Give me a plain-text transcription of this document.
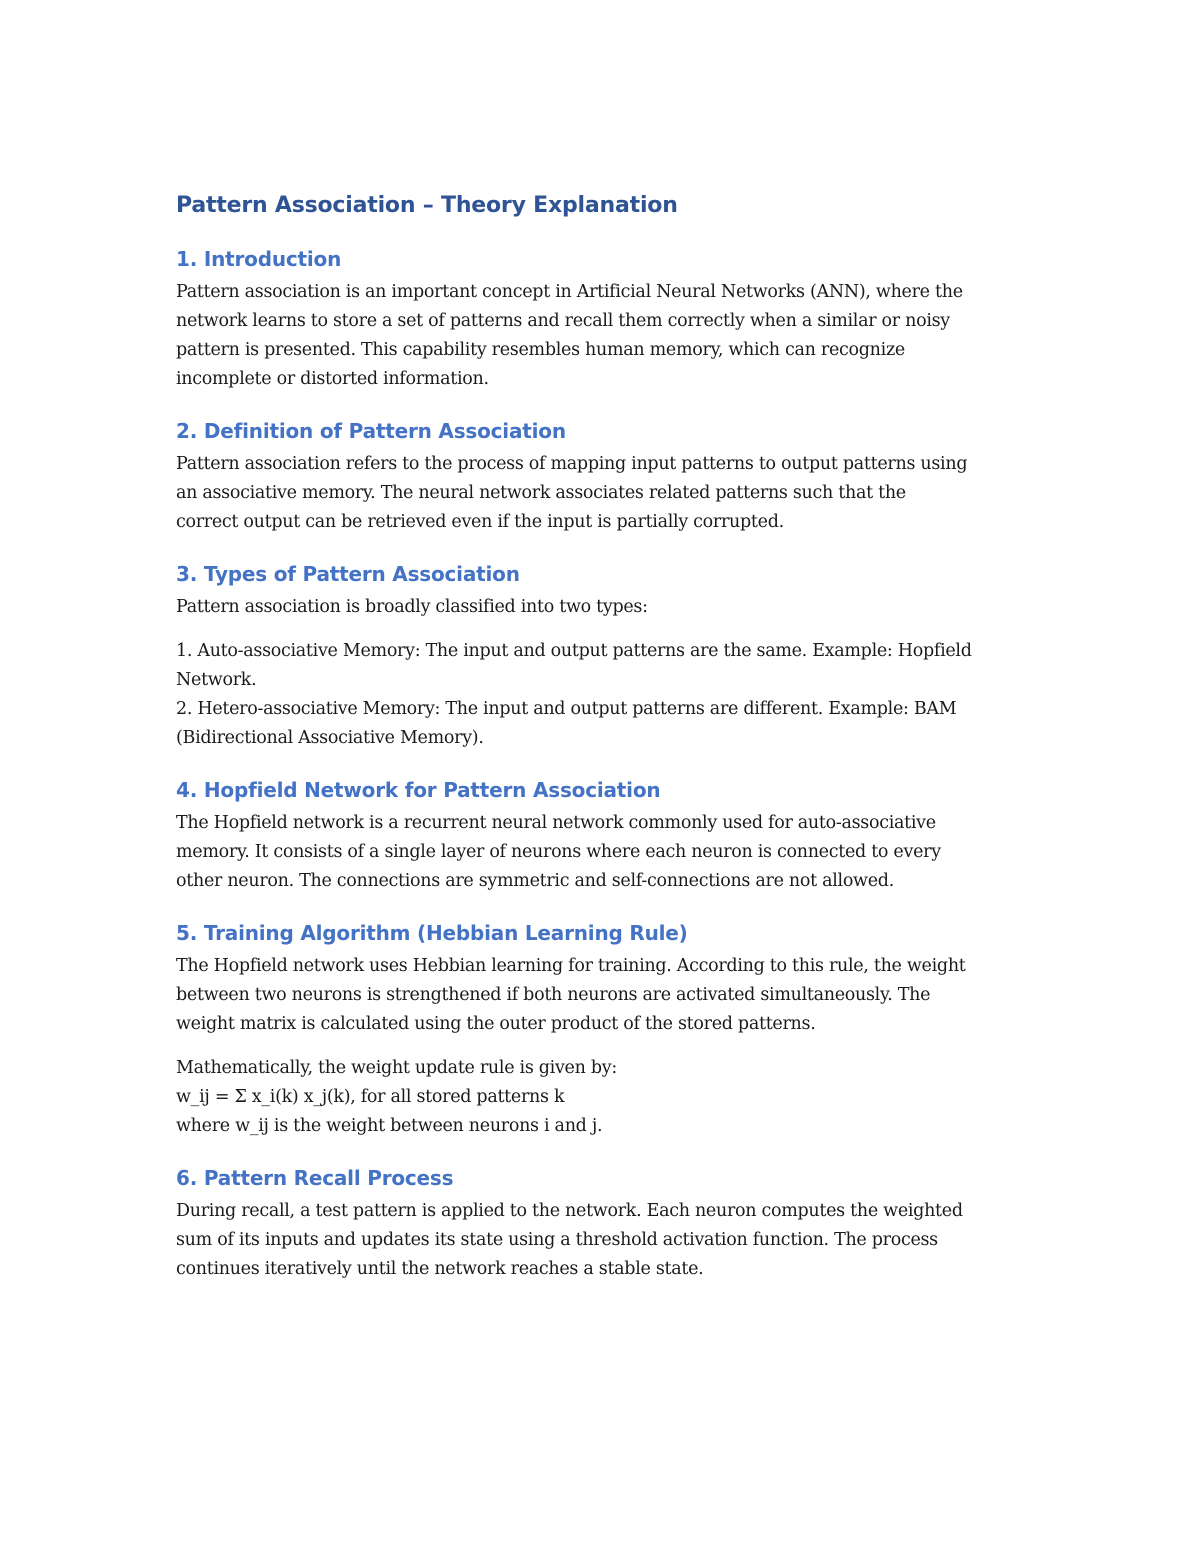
Pattern Association – Theory Explanation
1. Introduction

Pattern association is an important concept in Artificial Neural Networks (ANN), where the

network learns to store a set of patterns and recall them correctly when a similar or noisy

pattern is presented. This capability resembles human memory, which can recognize

incomplete or distorted information.

2. Definition of Pattern Association

Pattern association refers to the process of mapping input patterns to output patterns using

an associative memory. The neural network associates related patterns such that the

correct output can be retrieved even if the input is partially corrupted.

3. Types of Pattern Association

Pattern association is broadly classified into two types:

1. Auto-associative Memory: The input and output patterns are the same. Example: Hopfield

Network.

2. Hetero-associative Memory: The input and output patterns are different. Example: BAM

(Bidirectional Associative Memory).

4. Hopfield Network for Pattern Association

The Hopfield network is a recurrent neural network commonly used for auto-associative

memory. It consists of a single layer of neurons where each neuron is connected to every

other neuron. The connections are symmetric and self-connections are not allowed.

5. Training Algorithm (Hebbian Learning Rule)

The Hopfield network uses Hebbian learning for training. According to this rule, the weight

between two neurons is strengthened if both neurons are activated simultaneously. The

weight matrix is calculated using the outer product of the stored patterns.

Mathematically, the weight update rule is given by:

w_ij = Σ x_i(k) x_j(k), for all stored patterns k

where w_ij is the weight between neurons i and j.

6. Pattern Recall Process

During recall, a test pattern is applied to the network. Each neuron computes the weighted

sum of its inputs and updates its state using a threshold activation function. The process

continues iteratively until the network reaches a stable state.
